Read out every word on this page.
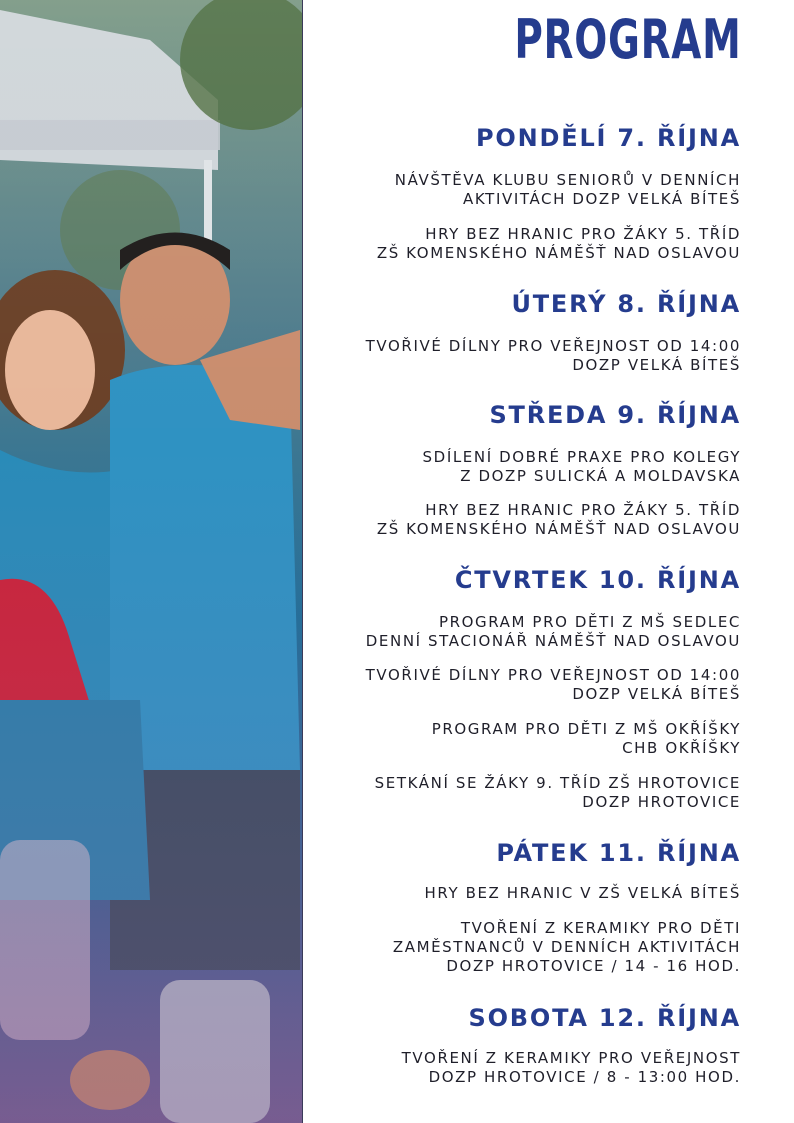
PROGRAM
PONDĚLÍ 7. ŘÍJNA
NÁVŠTĚVA KLUBU SENIORŮ V DENNÍCH
AKTIVITÁCH DOZP VELKÁ BÍTEŠ
HRY BEZ HRANIC PRO ŽÁKY 5. TŘÍD
ZŠ KOMENSKÉHO NÁMĚŠŤ NAD OSLAVOU
ÚTERÝ 8. ŘÍJNA
TVOŘIVÉ DÍLNY PRO VEŘEJNOST OD 14:00
DOZP VELKÁ BÍTEŠ
STŘEDA 9. ŘÍJNA
SDÍLENÍ DOBRÉ PRAXE PRO KOLEGY
Z DOZP SULICKÁ A MOLDAVSKA
HRY BEZ HRANIC PRO ŽÁKY 5. TŘÍD
ZŠ KOMENSKÉHO NÁMĚŠŤ NAD OSLAVOU
ČTVRTEK 10. ŘÍJNA
PROGRAM PRO DĚTI Z MŠ SEDLEC
DENNÍ STACIONÁŘ NÁMĚŠŤ NAD OSLAVOU
TVOŘIVÉ DÍLNY PRO VEŘEJNOST OD 14:00
DOZP VELKÁ BÍTEŠ
PROGRAM PRO DĚTI Z MŠ OKŘÍŠKY
CHB OKŘÍŠKY
SETKÁNÍ SE ŽÁKY 9. TŘÍD ZŠ HROTOVICE
DOZP HROTOVICE
PÁTEK 11. ŘÍJNA
HRY BEZ HRANIC V ZŠ VELKÁ BÍTEŠ
TVOŘENÍ Z KERAMIKY PRO DĚTI
ZAMĚSTNANCŮ V DENNÍCH AKTIVITÁCH
DOZP HROTOVICE / 14 - 16 HOD.
SOBOTA 12. ŘÍJNA
TVOŘENÍ Z KERAMIKY PRO VEŘEJNOST
DOZP HROTOVICE / 8 - 13:00 HOD.
